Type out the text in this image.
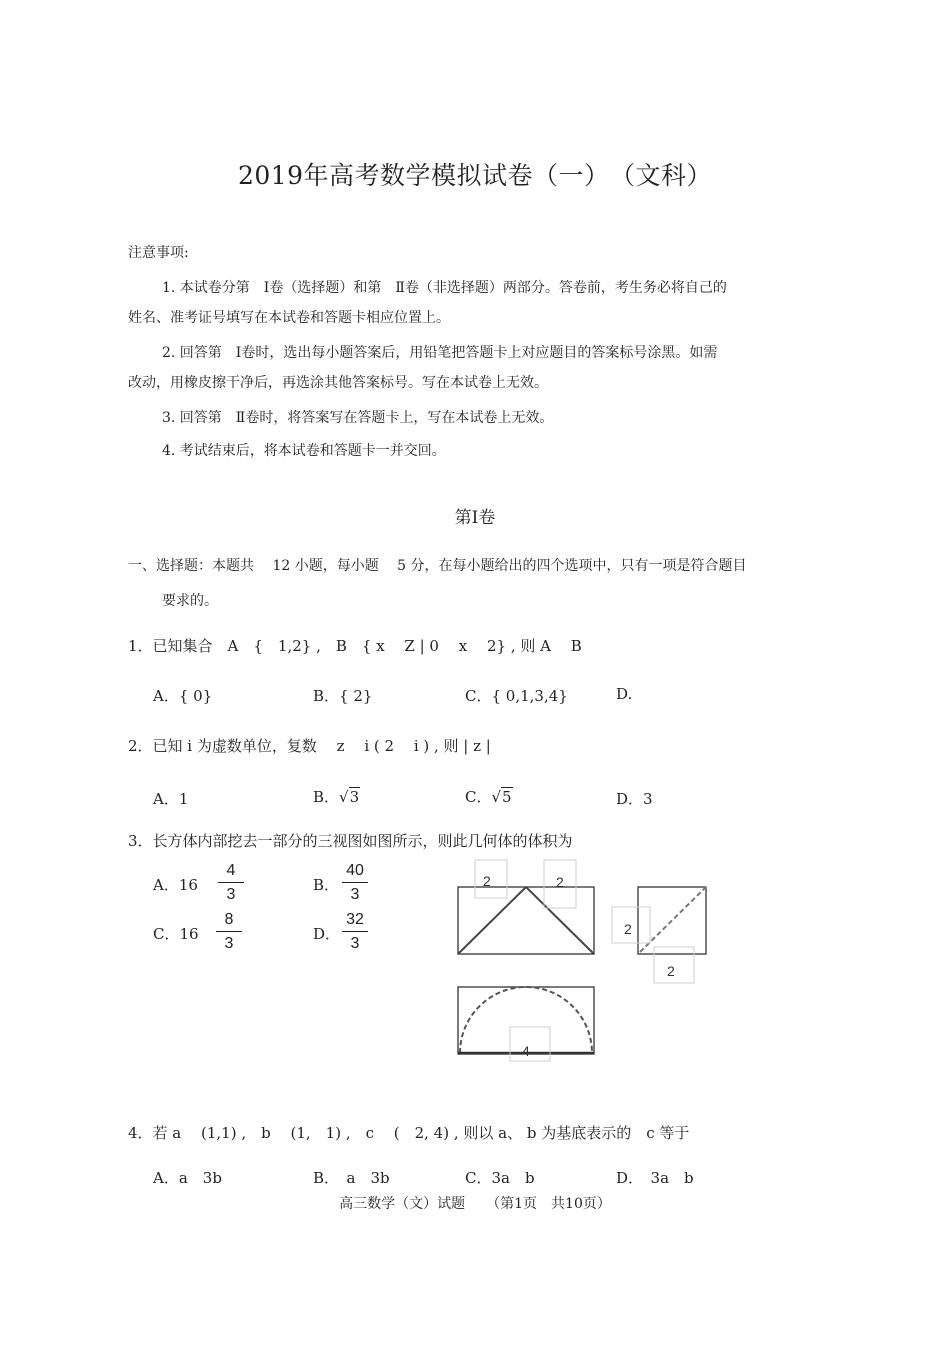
2019年高考数学模拟试卷（一）　（文科）
注意事项:
1. 本试卷分第　Ⅰ卷（选择题）和第　Ⅱ卷（非选择题）两部分。答卷前，考生务必将自己的
姓名、准考证号填写在本试卷和答题卡相应位置上。
2. 回答第　Ⅰ卷时，选出每小题答案后，用铅笔把答题卡上对应题目的答案标号涂黑。如需
改动，用橡皮擦干净后，再选涂其他答案标号。写在本试卷上无效。
3. 回答第　Ⅱ卷时，将答案写在答题卡上，写在本试卷上无效。
4. 考试结束后，将本试卷和答题卡一并交回。
第Ⅰ卷
一、选择题：本题共　 12 小题，每小题　 5 分，在每小题给出的四个选项中，只有一项是符合题目
要求的。
1．已知集合　A　{　1,2} ,　B　{ x　 Z | 0　 x　 2} , 则 A　 B
A．{ 0}	B．{ 2}	C．{ 0,1,3,4}	D.
2．已知 i 为虚数单位，复数　 z　 i ( 2　 i ) , 则 | z |
A．1	B．√3	C．√5	D．3
3．长方体内部挖去一部分的三视图如图所示，则此几何体的体积为
A．$16 \frac{4}{3}$	B． $\frac{40}{3}$
C．$16 \frac{8}{3}$	D． $\frac{32}{3}$
2	2
2
2
4
4．若 a　 (1,1) ,　b　 (1,　1) ,　c　 (　2, 4) , 则以 a、 b 为基底表示的　c 等于
A．a　3b	B．　a　3b	C．3a　b	D．　3a　b
高三数学（文）试题　　（第1页　共10页）
